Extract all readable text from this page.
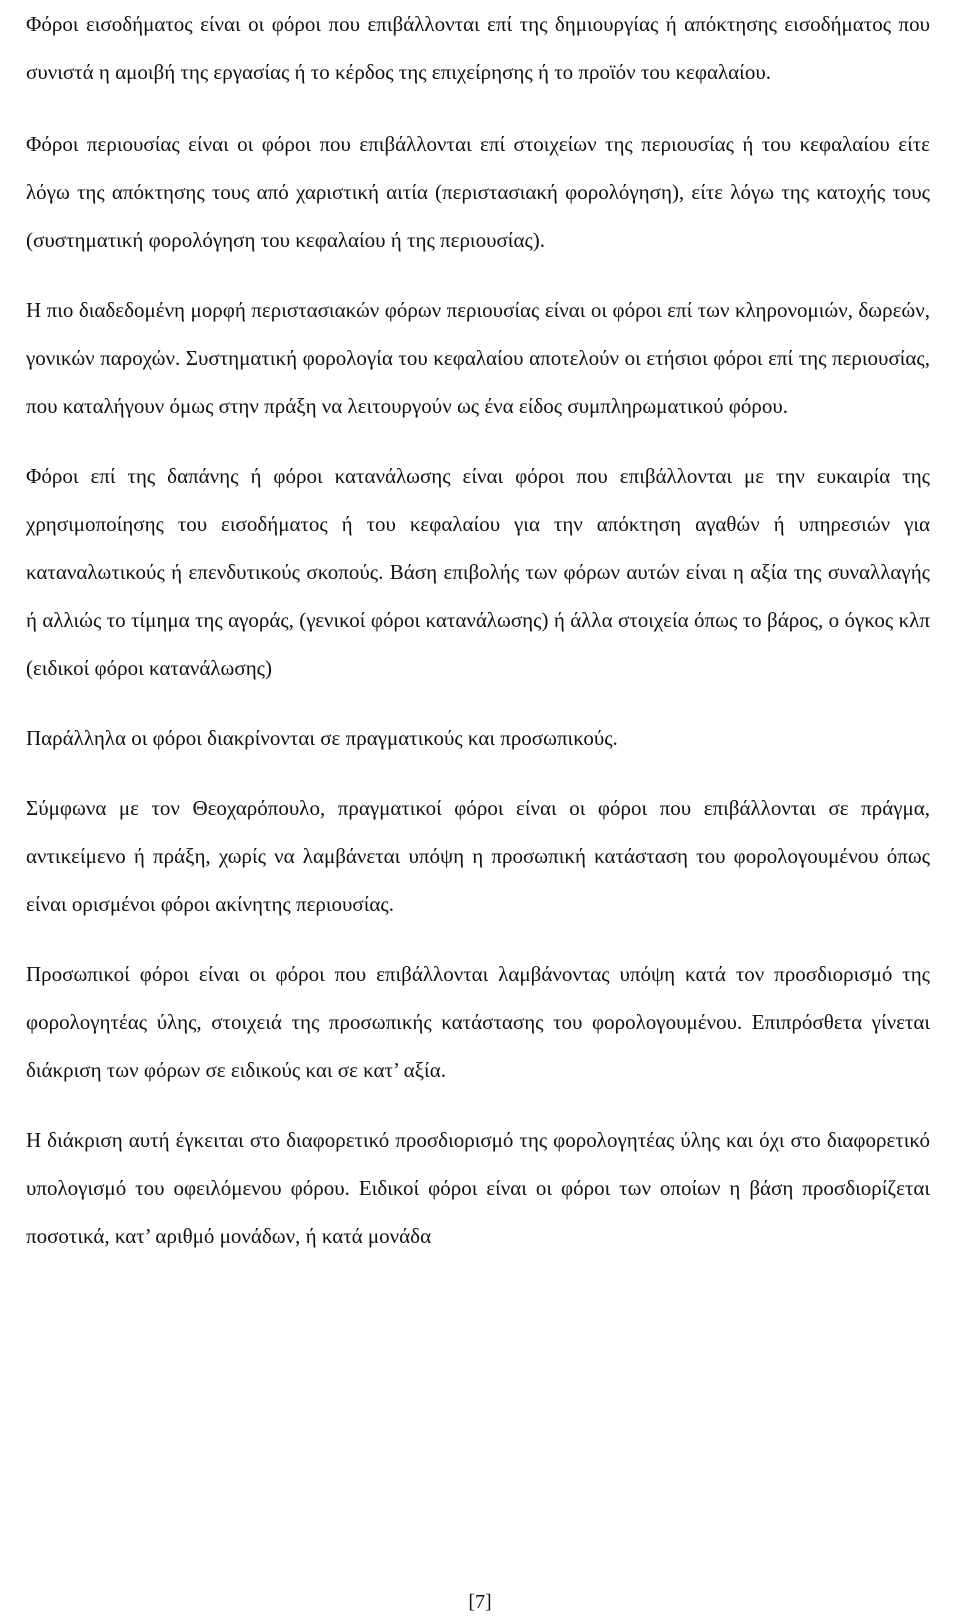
Φόροι εισοδήματος είναι οι φόροι που επιβάλλονται επί της δημιουργίας ή απόκτησης εισοδήματος που συνιστά η αμοιβή της εργασίας ή το κέρδος της επιχείρησης ή το προϊόν του κεφαλαίου.

Φόροι περιουσίας είναι οι φόροι που επιβάλλονται επί στοιχείων της περιουσίας ή του κεφαλαίου είτε λόγω της απόκτησης τους από χαριστική αιτία (περιστασιακή φορολόγηση), είτε λόγω της κατοχής τους (συστηματική φορολόγηση του κεφαλαίου ή της περιουσίας).

Η πιο διαδεδομένη μορφή περιστασιακών φόρων περιουσίας είναι οι φόροι επί των κληρονομιών, δωρεών, γονικών παροχών. Συστηματική φορολογία του κεφαλαίου αποτελούν οι ετήσιοι φόροι επί της περιουσίας, που καταλήγουν όμως στην πράξη να λειτουργούν ως ένα είδος συμπληρωματικού φόρου.

Φόροι επί της δαπάνης ή φόροι κατανάλωσης είναι φόροι που επιβάλλονται με την ευκαιρία της χρησιμοποίησης του εισοδήματος ή του κεφαλαίου για την απόκτηση αγαθών ή υπηρεσιών για καταναλωτικούς ή επενδυτικούς σκοπούς. Βάση επιβολής των φόρων αυτών είναι η αξία της συναλλαγής ή αλλιώς το τίμημα της αγοράς, (γενικοί φόροι κατανάλωσης) ή άλλα στοιχεία όπως το βάρος, ο όγκος κλπ (ειδικοί φόροι κατανάλωσης)

Παράλληλα οι φόροι διακρίνονται σε πραγματικούς και προσωπικούς.

Σύμφωνα με τον Θεοχαρόπουλο, πραγματικοί φόροι είναι οι φόροι που επιβάλλονται σε πράγμα, αντικείμενο ή πράξη, χωρίς να λαμβάνεται υπόψη η προσωπική κατάσταση του φορολογουμένου όπως είναι ορισμένοι φόροι ακίνητης περιουσίας.

Προσωπικοί φόροι είναι οι φόροι που επιβάλλονται λαμβάνοντας υπόψη κατά τον προσδιορισμό της φορολογητέας ύλης, στοιχειά της προσωπικής κατάστασης του φορολογουμένου. Επιπρόσθετα γίνεται διάκριση των φόρων σε ειδικούς και σε κατ’ αξία.

Η διάκριση αυτή έγκειται στο διαφορετικό προσδιορισμό της φορολογητέας ύλης και όχι στο διαφορετικό υπολογισμό του οφειλόμενου φόρου. Ειδικοί φόροι είναι οι φόροι των οποίων η βάση προσδιορίζεται ποσοτικά, κατ’ αριθμό μονάδων, ή κατά μονάδα

[7]
